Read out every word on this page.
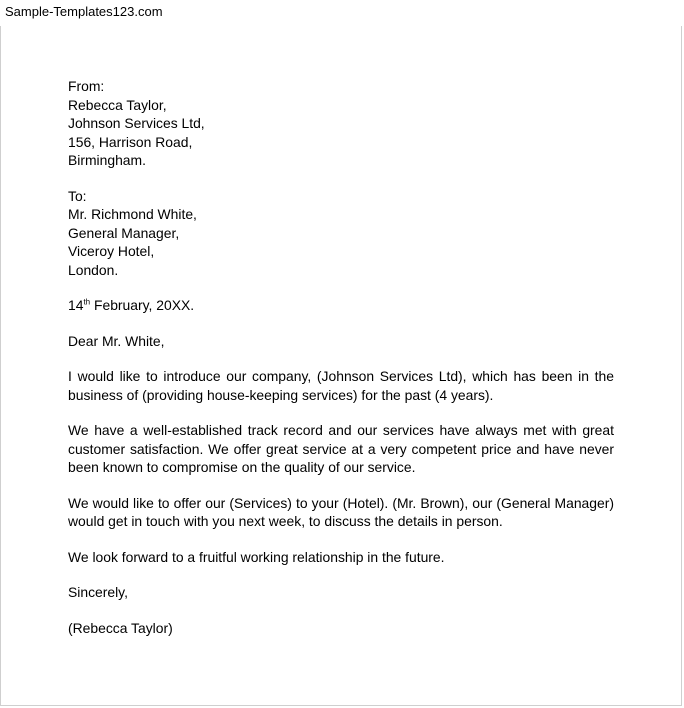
Sample-Templates123.com
From:
Rebecca Taylor,
Johnson Services Ltd,
156, Harrison Road,
Birmingham.
To:
Mr. Richmond White,
General Manager,
Viceroy Hotel,
London.
14th February, 20XX.
Dear Mr. White,
I would like to introduce our company, (Johnson Services Ltd), which has been in the business of (providing house-keeping services) for the past (4 years).
We have a well-established track record and our services have always met with great customer satisfaction. We offer great service at a very competent price and have never been known to compromise on the quality of our service.
We would like to offer our (Services) to your (Hotel). (Mr. Brown), our (General Manager) would get in touch with you next week, to discuss the details in person.
We look forward to a fruitful working relationship in the future.
Sincerely,
(Rebecca Taylor)
